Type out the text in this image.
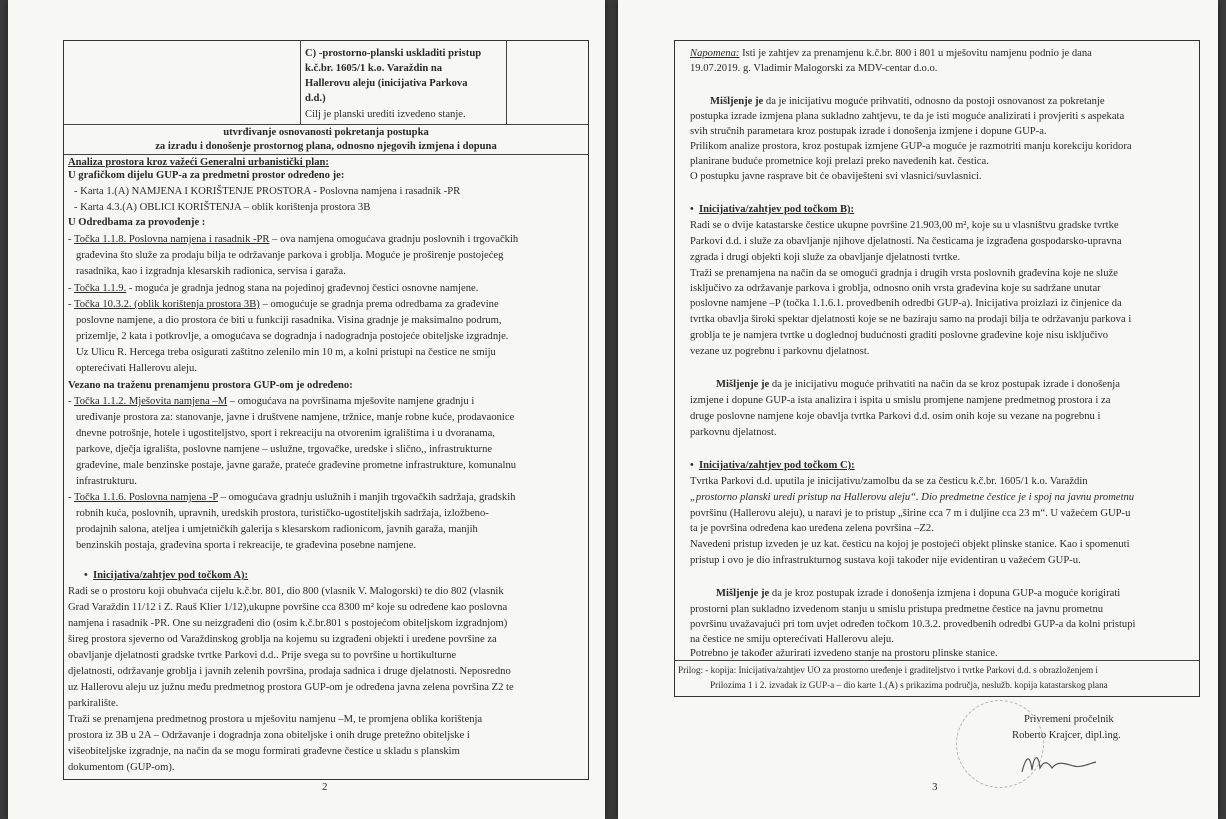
C) -prostorno-planski uskladiti pristup
k.č.br. 1605/1 k.o. Varaždin na
Hallerovu aleju (inicijativa Parkova
d.d.)
Cilj je planski urediti izvedeno stanje.
utvrđivanje osnovanosti pokretanja postupka
za izradu i donošenje prostornog plana, odnosno njegovih izmjena i dopuna
Analiza prostora kroz važeći Generalni urbanistički plan:
U grafičkom dijelu GUP-a za predmetni prostor određeno je:
- Karta 1.(A) NAMJENA I KORIŠTENJE PROSTORA - Poslovna namjena i rasadnik -PR
- Karta 4.3.(A) OBLICI KORIŠTENJA – oblik korištenja prostora 3B
U Odredbama za provođenje :
- Točka 1.1.8. Poslovna namjena i rasadnik -PR – ova namjena omogućava gradnju poslovnih i trgovačkih
građevina što služe za prodaju bilja te održavanje parkova i groblja. Moguće je proširenje postojećeg
rasadnika, kao i izgradnja klesarskih radionica, servisa i garaža.
- Točka 1.1.9. - moguća je gradnja jednog stana na pojedinoj građevnoj čestici osnovne namjene.
- Točka 10.3.2. (oblik korištenja prostora 3B) – omogućuje se gradnja prema odredbama za građevine
poslovne namjene, a dio prostora će biti u funkciji rasadnika. Visina gradnje je maksimalno podrum,
prizemlje, 2 kata i potkrovlje, a omogućava se dogradnja i nadogradnja postojeće obiteljske izgradnje.
Uz Ulicu R. Hercega treba osigurati zaštitno zelenilo min 10 m, a kolni pristupi na čestice ne smiju
opterećivati Hallerovu aleju.
Vezano na traženu prenamjenu prostora GUP-om je određeno:
- Točka 1.1.2. Mješovita namjena –M – omogućava na površinama mješovite namjene gradnju i
uređivanje prostora za: stanovanje, javne i društvene namjene, tržnice, manje robne kuće, prodavaonice
dnevne potrošnje, hotele i ugostiteljstvo, sport i rekreaciju na otvorenim igralištima i u dvoranama,
parkove, dječja igrališta, poslovne namjene – uslužne, trgovačke, uredske i slično,, infrastrukturne
građevine, male benzinske postaje, javne garaže, prateće građevine prometne infrastrukture, komunalnu
infrastrukturu.
- Točka 1.1.6. Poslovna namjena -P – omogućava gradnju uslužnih i manjih trgovačkih sadržaja, gradskih
robnih kuća, poslovnih, upravnih, uredskih prostora, turističko-ugostiteljskih sadržaja, izložbeno-
prodajnih salona, ateljea i umjetničkih galerija s klesarskom radionicom, javnih garaža, manjih
benzinskih postaja, građevina sporta i rekreacije, te građevina posebne namjene.
•  Inicijativa/zahtjev pod točkom A):
Radi se o prostoru koji obuhvaća cijelu k.č.br. 801, dio 800 (vlasnik V. Malogorski) te dio 802 (vlasnik
Grad Varaždin 11/12 i Z. Rauš Klier 1/12),ukupne površine cca 8300 m² koje su određene kao poslovna
namjena i rasadnik -PR. One su neizgrađeni dio (osim k.č.br.801 s postojećom obiteljskom izgradnjom)
šireg prostora sjeverno od Varaždinskog groblja na kojemu su izgrađeni objekti i uređene površine za
obavljanje djelatnosti gradske tvrtke Parkovi d.d.. Prije svega su to površine u hortikulturne
djelatnosti, održavanje groblja i javnih zelenih površina, prodaja sadnica i druge djelatnosti. Neposredno
uz Hallerovu aleju uz južnu među predmetnog prostora GUP-om je određena javna zelena površina Z2 te
parkiralište.
Traži se prenamjena predmetnog prostora u mješovitu namjenu –M, te promjena oblika korištenja
prostora iz 3B u 2A – Održavanje i dogradnja zona obiteljske i onih druge pretežno obiteljske i
višeobiteljske izgradnje, na način da se mogu formirati građevne čestice u skladu s planskim
dokumentom (GUP-om).
2
Napomena: Isti je zahtjev za prenamjenu k.č.br. 800 i 801 u mješovitu namjenu podnio je dana
19.07.2019. g. Vladimir Malogorski za MDV-centar d.o.o.
Mišljenje je da je inicijativu moguće prihvatiti, odnosno da postoji osnovanost za pokretanje
postupka izrade izmjena plana sukladno zahtjevu, te da je isti moguće analizirati i provjeriti s aspekata
svih stručnih parametara kroz postupak izrade i donošenja izmjene i dopune GUP-a.
Prilikom analize prostora, kroz postupak izmjene GUP-a moguće je razmotriti manju korekciju koridora
planirane buduće prometnice koji prelazi preko navedenih kat. čestica.
O postupku javne rasprave bit će obaviješteni svi vlasnici/suvlasnici.
•  Inicijativa/zahtjev pod točkom B):
Radi se o dvije katastarske čestice ukupne površine 21.903,00 m², koje su u vlasništvu gradske tvrtke
Parkovi d.d. i služe za obavljanje njihove djelatnosti. Na česticama je izgrađena gospodarsko-upravna
zgrada i drugi objekti koji služe za obavljanje djelatnosti tvrtke.
Traži se prenamjena na način da se omogući gradnja i drugih vrsta poslovnih građevina koje ne služe
isključivo za održavanje parkova i groblja, odnosno onih vrsta građevina koje su sadržane unutar
poslovne namjene –P (točka 1.1.6.1. provedbenih odredbi GUP-a). Inicijativa proizlazi iz činjenice da
tvrtka obavlja široki spektar djelatnosti koje se ne baziraju samo na prodaji bilja te održavanju parkova i
groblja te je namjera tvrtke u doglednoj budućnosti graditi poslovne građevine koje nisu isključivo
vezane uz pogrebnu i parkovnu djelatnost.
Mišljenje je da je inicijativu moguće prihvatiti na način da se kroz postupak izrade i donošenja
izmjene i dopune GUP-a ista analizira i ispita u smislu promjene namjene predmetnog prostora i za
druge poslovne namjene koje obavlja tvrtka Parkovi d.d. osim onih koje su vezane na pogrebnu i
parkovnu djelatnost.
•  Inicijativa/zahtjev pod točkom C):
Tvrtka Parkovi d.d. uputila je inicijativu/zamolbu da se za česticu k.č.br. 1605/1 k.o. Varaždin
„prostorno planski uredi pristup na Hallerovu aleju“. Dio predmetne čestice je i spoj na javnu prometnu
površinu (Hallerovu aleju), u naravi je to pristup „širine cca 7 m i duljine cca 23 m“. U važećem GUP-u
ta je površina određena kao uređena zelena površina –Z2.
Navedeni pristup izveden je uz kat. česticu na kojoj je postojeći objekt plinske stanice. Kao i spomenuti
pristup i ovo je dio infrastrukturnog sustava koji također nije evidentiran u važećem GUP-u.
Mišljenje je da je kroz postupak izrade i donošenja izmjena i dopuna GUP-a moguće korigirati
prostorni plan sukladno izvedenom stanju u smislu pristupa predmetne čestice na javnu prometnu
površinu uvažavajući pri tom uvjet određen točkom 10.3.2. provedbenih odredbi GUP-a da kolni pristupi
na čestice ne smiju opterećivati Hallerovu aleju.
Potrebno je također ažurirati izvedeno stanje na prostoru plinske stanice.
Prilog: - kopija: Inicijativa/zahtjev UO za prostorno uređenje i graditeljstvo i tvrtke Parkovi d.d. s obrazloženjem i
Prilozima 1 i 2. izvadak iz GUP-a – dio karte 1.(A) s prikazima područja, neslužb. kopija katastarskog plana
Privremeni pročelnik
Roberto Krajcer, dipl.ing.
3
